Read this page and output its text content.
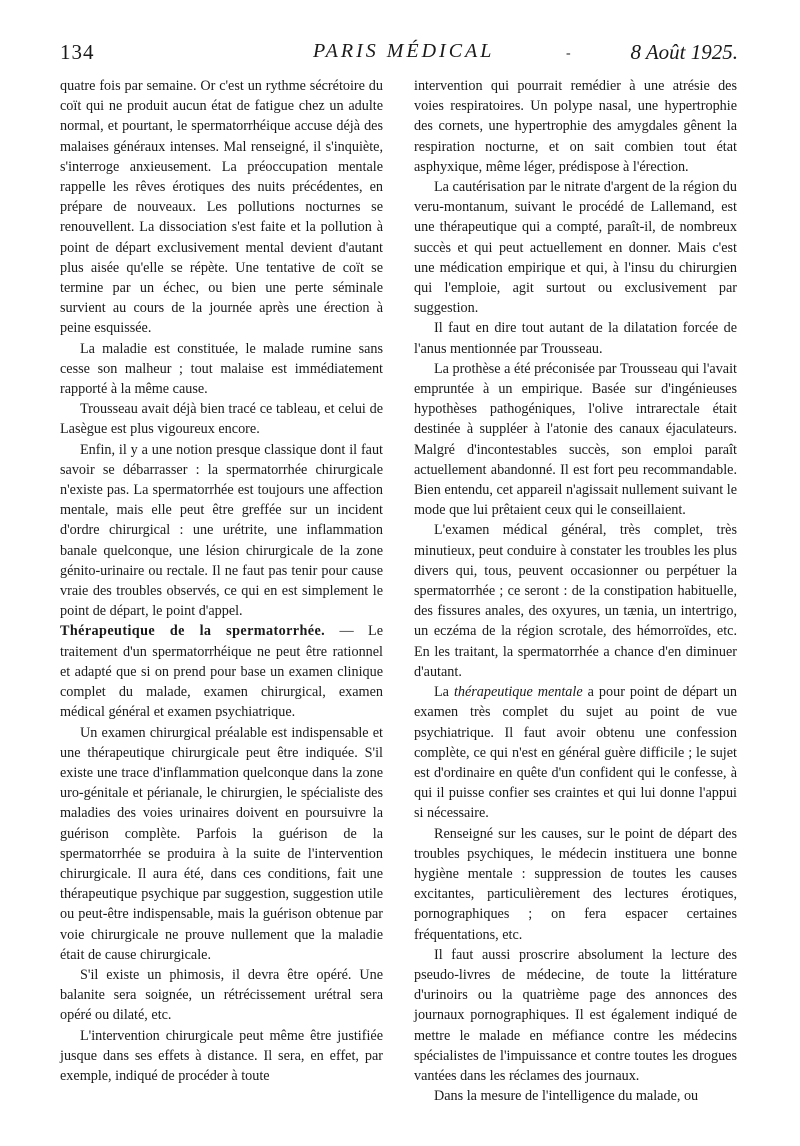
134	PARIS MÉDICAL	-	8 Août 1925.

quatre fois par semaine. Or c'est un rythme sécrétoire du coït qui ne produit aucun état de fatigue chez un adulte normal, et pourtant, le spermatorrhéique accuse déjà des malaises généraux intenses. Mal renseigné, il s'inquiète, s'interroge anxieusement. La préoccupation mentale rappelle les rêves érotiques des nuits précédentes, en prépare de nouveaux. Les pollutions nocturnes se renouvellent. La dissociation s'est faite et la pollution à point de départ exclusivement mental devient d'autant plus aisée qu'elle se répète. Une tentative de coït se termine par un échec, ou bien une perte séminale survient au cours de la journée après une érection à peine esquissée.

La maladie est constituée, le malade rumine sans cesse son malheur ; tout malaise est immédiatement rapporté à la même cause.

Trousseau avait déjà bien tracé ce tableau, et celui de Lasègue est plus vigoureux encore.

Enfin, il y a une notion presque classique dont il faut savoir se débarrasser : la spermatorrhée chirurgicale n'existe pas. La spermatorrhée est toujours une affection mentale, mais elle peut être greffée sur un incident d'ordre chirurgical : une urétrite, une inflammation banale quelconque, une lésion chirurgicale de la zone génito-urinaire ou rectale. Il ne faut pas tenir pour cause vraie des troubles observés, ce qui en est simplement le point de départ, le point d'appel.

Thérapeutique de la spermatorrhée. — Le traitement d'un spermatorrhéique ne peut être rationnel et adapté que si on prend pour base un examen clinique complet du malade, examen chirurgical, examen médical général et examen psychiatrique.

Un examen chirurgical préalable est indispensable et une thérapeutique chirurgicale peut être indiquée. S'il existe une trace d'inflammation quelconque dans la zone uro-génitale et périanale, le chirurgien, le spécialiste des maladies des voies urinaires doivent en poursuivre la guérison complète. Parfois la guérison de la spermatorrhée se produira à la suite de l'intervention chirurgicale. Il aura été, dans ces conditions, fait une thérapeutique psychique par suggestion, suggestion utile ou peut-être indispensable, mais la guérison obtenue par voie chirurgicale ne prouve nullement que la maladie était de cause chirurgicale.

S'il existe un phimosis, il devra être opéré. Une balanite sera soignée, un rétrécissement urétral sera opéré ou dilaté, etc.

L'intervention chirurgicale peut même être justifiée jusque dans ses effets à distance. Il sera, en effet, par exemple, indiqué de procéder à toute

intervention qui pourrait remédier à une atrésie des voies respiratoires. Un polype nasal, une hypertrophie des cornets, une hypertrophie des amygdales gênent la respiration nocturne, et on sait combien tout état asphyxique, même léger, prédispose à l'érection.

La cautérisation par le nitrate d'argent de la région du veru-montanum, suivant le procédé de Lallemand, est une thérapeutique qui a compté, paraît-il, de nombreux succès et qui peut actuellement en donner. Mais c'est une médication empirique et qui, à l'insu du chirurgien qui l'emploie, agit surtout ou exclusivement par suggestion.

Il faut en dire tout autant de la dilatation forcée de l'anus mentionnée par Trousseau.

La prothèse a été préconisée par Trousseau qui l'avait empruntée à un empirique. Basée sur d'ingénieuses hypothèses pathogéniques, l'olive intrarectale était destinée à suppléer à l'atonie des canaux éjaculateurs. Malgré d'incontestables succès, son emploi paraît actuellement abandonné. Il est fort peu recommandable. Bien entendu, cet appareil n'agissait nullement suivant le mode que lui prêtaient ceux qui le conseillaient.

L'examen médical général, très complet, très minutieux, peut conduire à constater les troubles les plus divers qui, tous, peuvent occasionner ou perpétuer la spermatorrhée ; ce seront : de la constipation habituelle, des fissures anales, des oxyures, un tænia, un intertrigo, un eczéma de la région scrotale, des hémorroïdes, etc. En les traitant, la spermatorrhée a chance d'en diminuer d'autant.

La thérapeutique mentale a pour point de départ un examen très complet du sujet au point de vue psychiatrique. Il faut avoir obtenu une confession complète, ce qui n'est en général guère difficile ; le sujet est d'ordinaire en quête d'un confident qui le confesse, à qui il puisse confier ses craintes et qui lui donne l'appui si nécessaire.

Renseigné sur les causes, sur le point de départ des troubles psychiques, le médecin instituera une bonne hygiène mentale : suppression de toutes les causes excitantes, particulièrement des lectures érotiques, pornographiques ; on fera espacer certaines fréquentations, etc.

Il faut aussi proscrire absolument la lecture des pseudo-livres de médecine, de toute la littérature d'urinoirs ou la quatrième page des annonces des journaux pornographiques. Il est également indiqué de mettre le malade en méfiance contre les médecins spécialistes de l'impuissance et contre toutes les drogues vantées dans les réclames des journaux.

Dans la mesure de l'intelligence du malade, ou
